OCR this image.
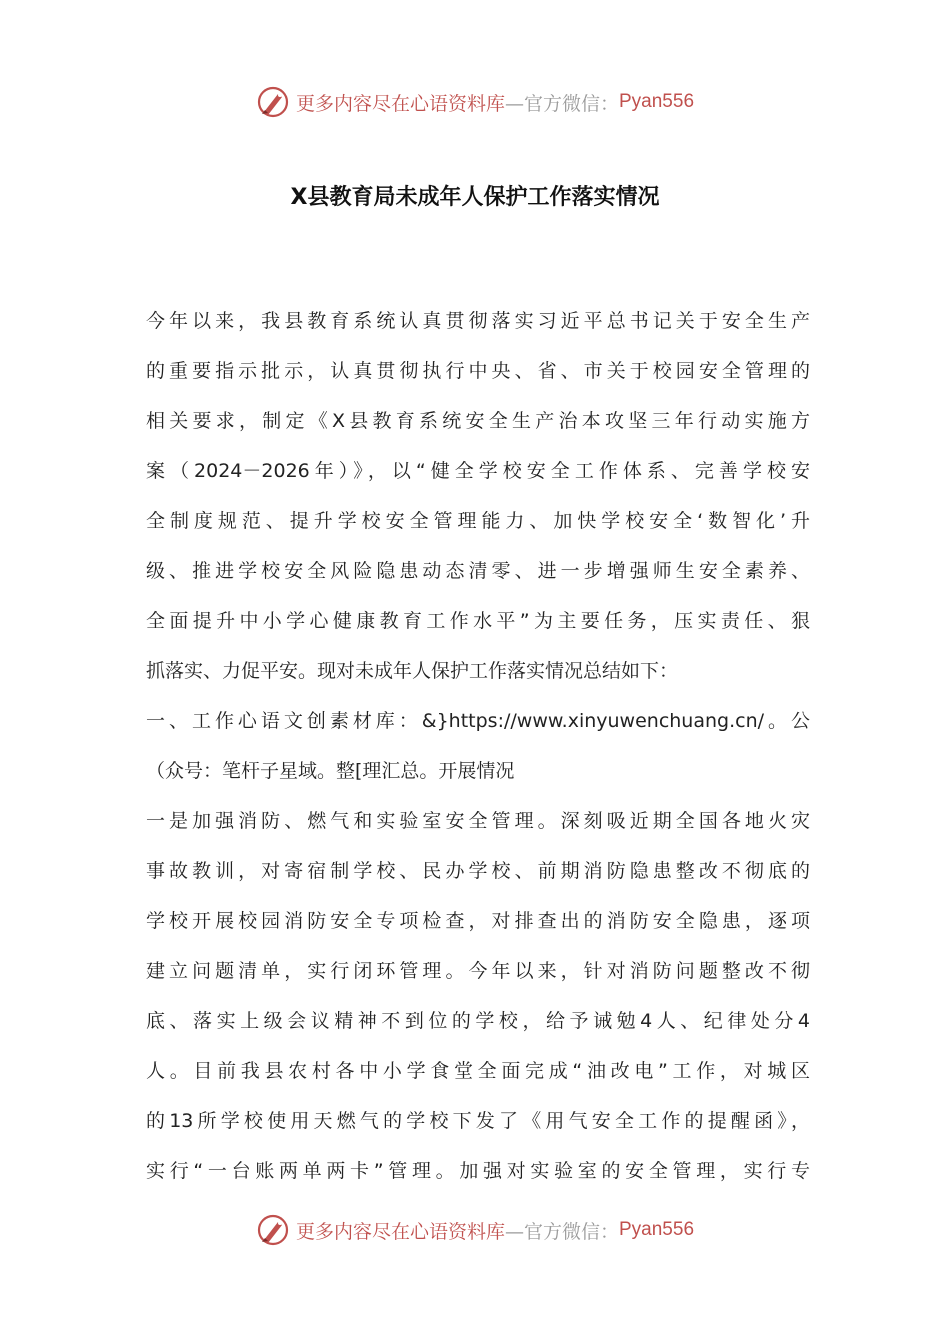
更多内容尽在心语资料库 —官方微信： Pyan556
X县教育局未成年人保护工作落实情况
今年以来，我县教育系统认真贯彻落实习近平总书记关于安全生产
的重要指示批示，认真贯彻执行中央、省、市关于校园安全管理的
相关要求，制定《X县教育系统安全生产治本攻坚三年行动实施方
案（2024－2026年）》，以“健全学校安全工作体系、完善学校安
全制度规范、提升学校安全管理能力、加快学校安全‘数智化’升
级、推进学校安全风险隐患动态清零、进一步增强师生安全素养、
全面提升中小学心健康教育工作水平”为主要任务，压实责任、狠
抓落实、力促平安。现对未成年人保护工作落实情况总结如下：
一、工作心语文创素材库：&}https://www.xinyuwenchuang.cn/。公
（众号：笔杆子星域。整[理汇总。开展情况
一是加强消防、燃气和实验室安全管理。深刻吸近期全国各地火灾
事故教训，对寄宿制学校、民办学校、前期消防隐患整改不彻底的
学校开展校园消防安全专项检查，对排查出的消防安全隐患，逐项
建立问题清单，实行闭环管理。今年以来，针对消防问题整改不彻
底、落实上级会议精神不到位的学校，给予诫勉4人、纪律处分4
人。目前我县农村各中小学食堂全面完成“油改电”工作，对城区
的13所学校使用天燃气的学校下发了《用气安全工作的提醒函》，
实行“一台账两单两卡”管理。加强对实验室的安全管理，实行专
更多内容尽在心语资料库 —官方微信： Pyan556
